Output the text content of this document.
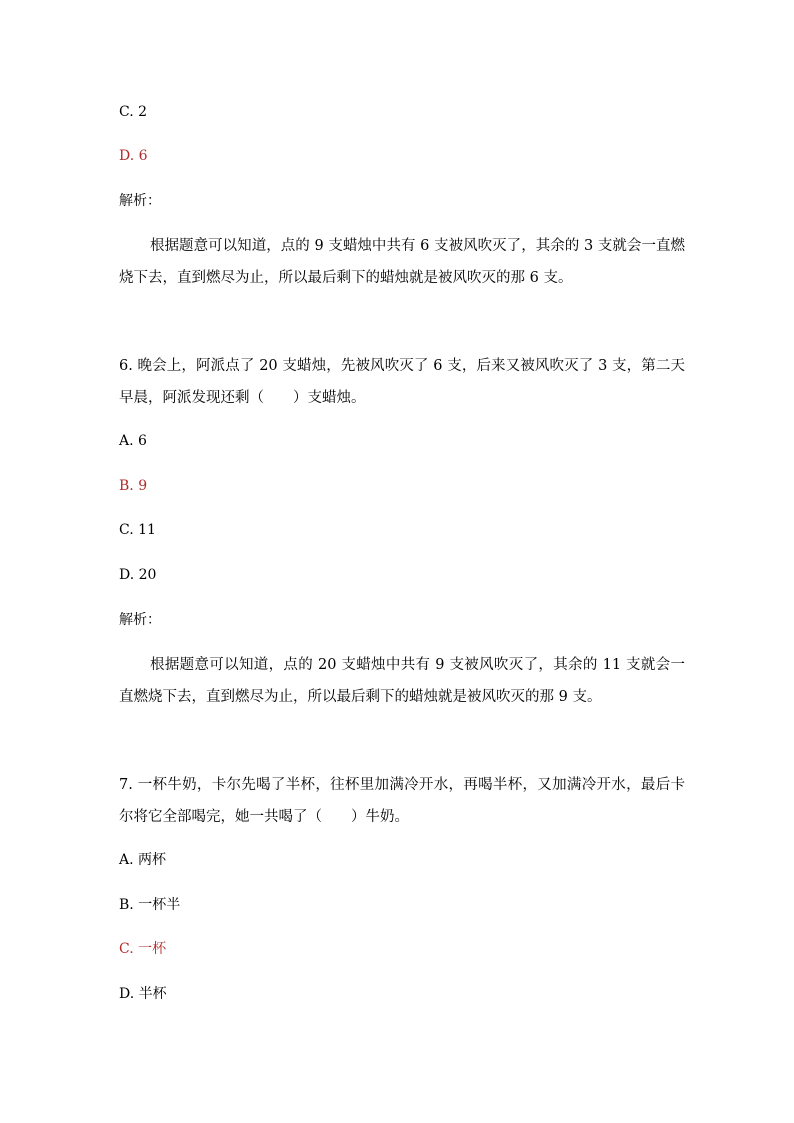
C. 2

D. 6

解析：

根据题意可以知道，点的 9 支蜡烛中共有 6 支被风吹灭了，其余的 3 支就会一直燃烧下去，直到燃尽为止，所以最后剩下的蜡烛就是被风吹灭的那 6 支。

6. 晚会上，阿派点了 20 支蜡烛，先被风吹灭了 6 支，后来又被风吹灭了 3 支，第二天早晨，阿派发现还剩（　　）支蜡烛。

A. 6

B. 9

C. 11

D. 20

解析：

根据题意可以知道，点的 20 支蜡烛中共有 9 支被风吹灭了，其余的 11 支就会一直燃烧下去，直到燃尽为止，所以最后剩下的蜡烛就是被风吹灭的那 9 支。

7. 一杯牛奶，卡尔先喝了半杯，往杯里加满冷开水，再喝半杯，又加满冷开水，最后卡尔将它全部喝完，她一共喝了（　　）牛奶。

A. 两杯

B. 一杯半

C. 一杯

D. 半杯
